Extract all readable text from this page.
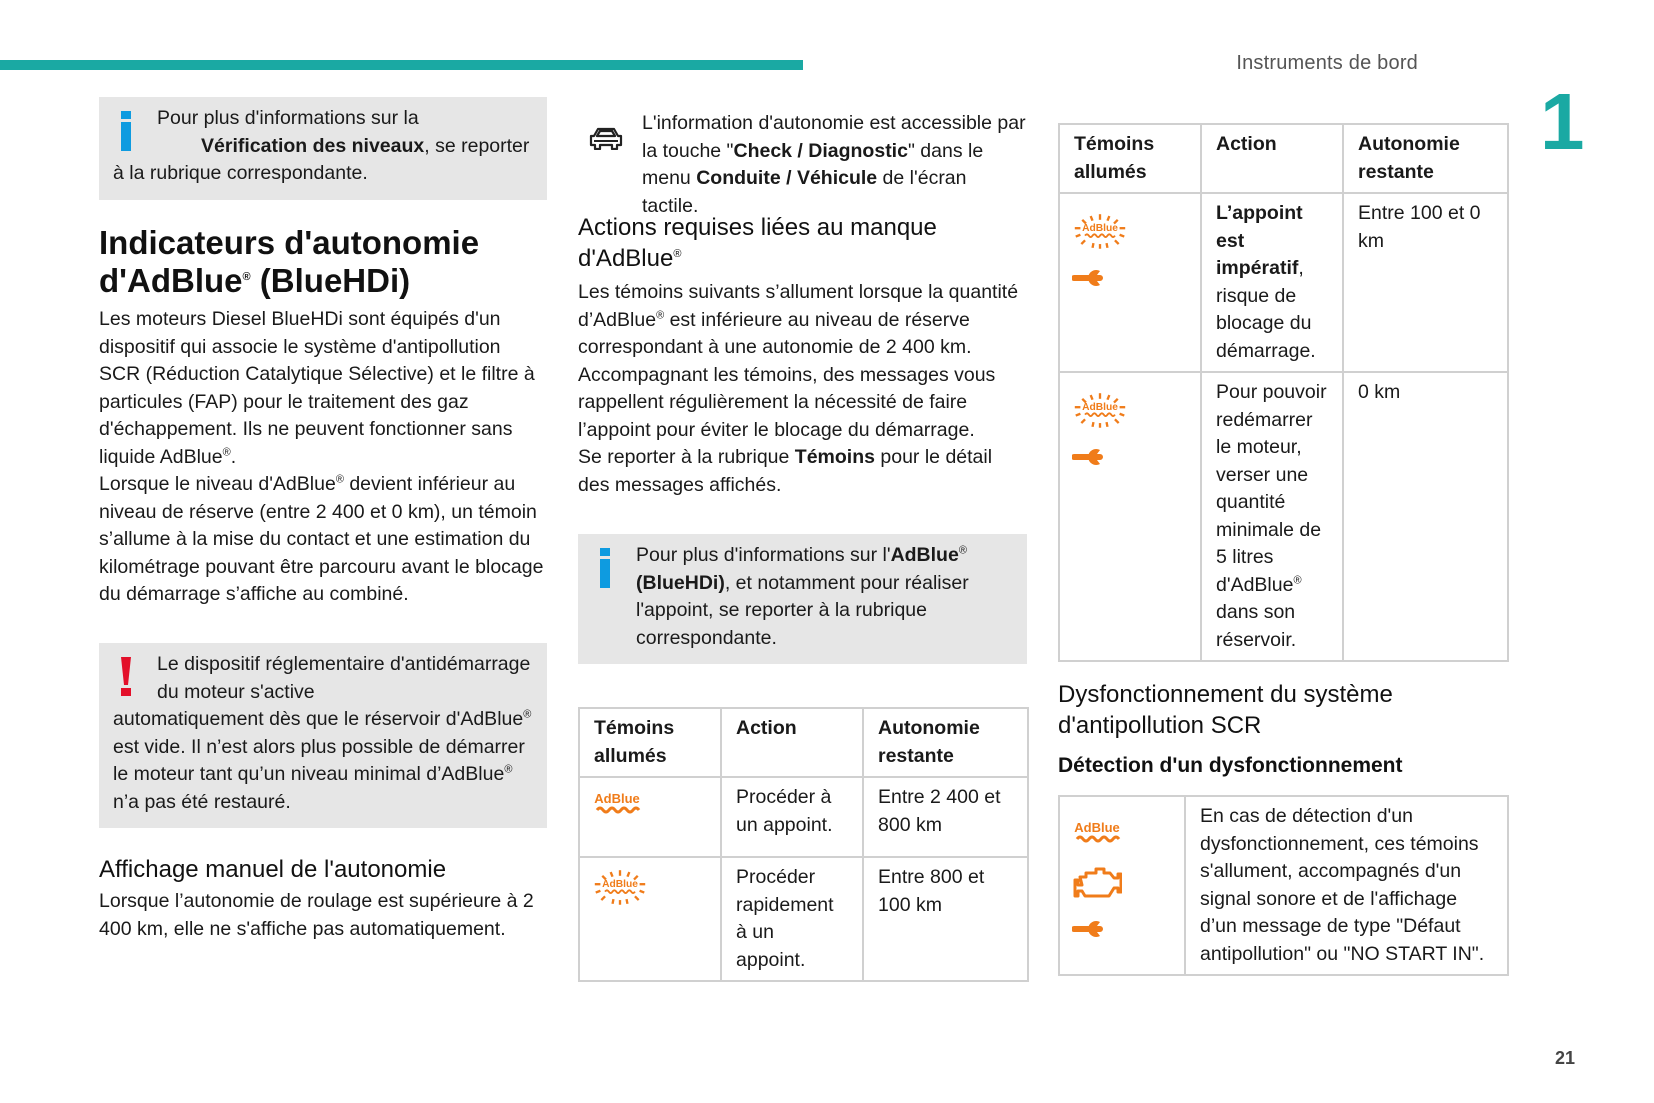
Instruments de bord
1
21
Pour plus d'informations sur la
Vérification des niveaux, se reporter à la rubrique correspondante.
Indicateurs d'autonomie
d'AdBlue® (BlueHDi)

Les moteurs Diesel BlueHDi sont équipés d'un dispositif qui associe le système d'antipollution SCR (Réduction Catalytique Sélective) et le filtre à particules (FAP) pour le traitement des gaz d'échappement. Ils ne peuvent fonctionner sans liquide AdBlue®.

Lorsque le niveau d'AdBlue® devient inférieur au niveau de réserve (entre 2 400 et 0 km), un témoin s’allume à la mise du contact et une estimation du kilométrage pouvant être parcouru avant le blocage du démarrage s’affiche au combiné.

Le dispositif réglementaire d'antidémarrage du moteur s'active
automatiquement dès que le réservoir d'AdBlue® est vide. Il n’est alors plus possible de démarrer le moteur tant qu’un niveau minimal d’AdBlue® n’a pas été restauré.
Affichage manuel de l'autonomie

Lorsque l’autonomie de roulage est supérieure à 2 400 km, elle ne s'affiche pas automatiquement.

L'information d'autonomie est accessible par la touche "Check / Diagnostic" dans le menu Conduite / Véhicule de l'écran tactile.

Actions requises liées au manque d'AdBlue®

Les témoins suivants s’allument lorsque la quantité d’AdBlue® est inférieure au niveau de réserve correspondant à une autonomie de 2 400 km.

Accompagnant les témoins, des messages vous rappellent régulièrement la nécessité de faire l’appoint pour éviter le blocage du démarrage.

Se reporter à la rubrique Témoins pour le détail des messages affichés.

Pour plus d'informations sur l'AdBlue® (BlueHDi), et notamment pour réaliser l'appoint, se reporter à la rubrique correspondante.
Témoins allumés	Action	Autonomie restante
	Procéder à un appoint.	Entre 2 400 et 800 km
	Procéder rapidement à un appoint.	Entre 800 et 100 km
Témoins allumés	Action	Autonomie restante

	L’appoint est impératif, risque de blocage du démarrage.	Entre 100 et 0 km

	Pour pouvoir redémarrer le moteur, verser une quantité minimale de 5 litres d'AdBlue® dans son réservoir.	0 km
Dysfonctionnement du système d'antipollution SCR
Détection d'un dysfonctionnement
	En cas de détection d'un dysfonctionnement, ces témoins s'allument, accompagnés d'un signal sonore et de l'affichage d’un message de type "Défaut antipollution" ou "NO START IN".
